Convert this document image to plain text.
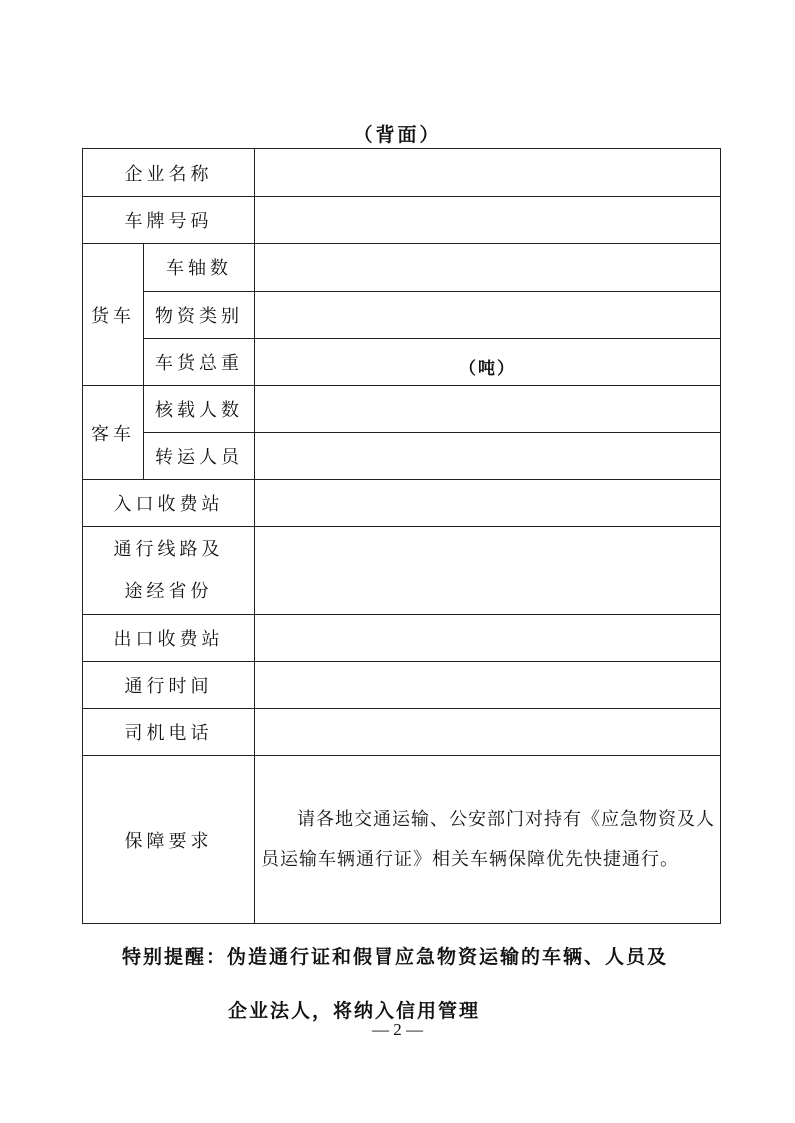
（背面）
企业名称		
车牌号码		
货车	车轴数	
	物资类别	
	车货总重	（吨）
客车	核载人数	
	转运人员	
入口收费站		

通行线路及
途经省份		

出口收费站		
通行时间		
司机电话		
保障要求		请各地交通运输、公安部门对持有《应急物资及人员运输车辆通行证》相关车辆保障优先快捷通行。
特别提醒：伪造通行证和假冒应急物资运输的车辆、人员及
企业法人，将纳入信用管理
— 2 —
